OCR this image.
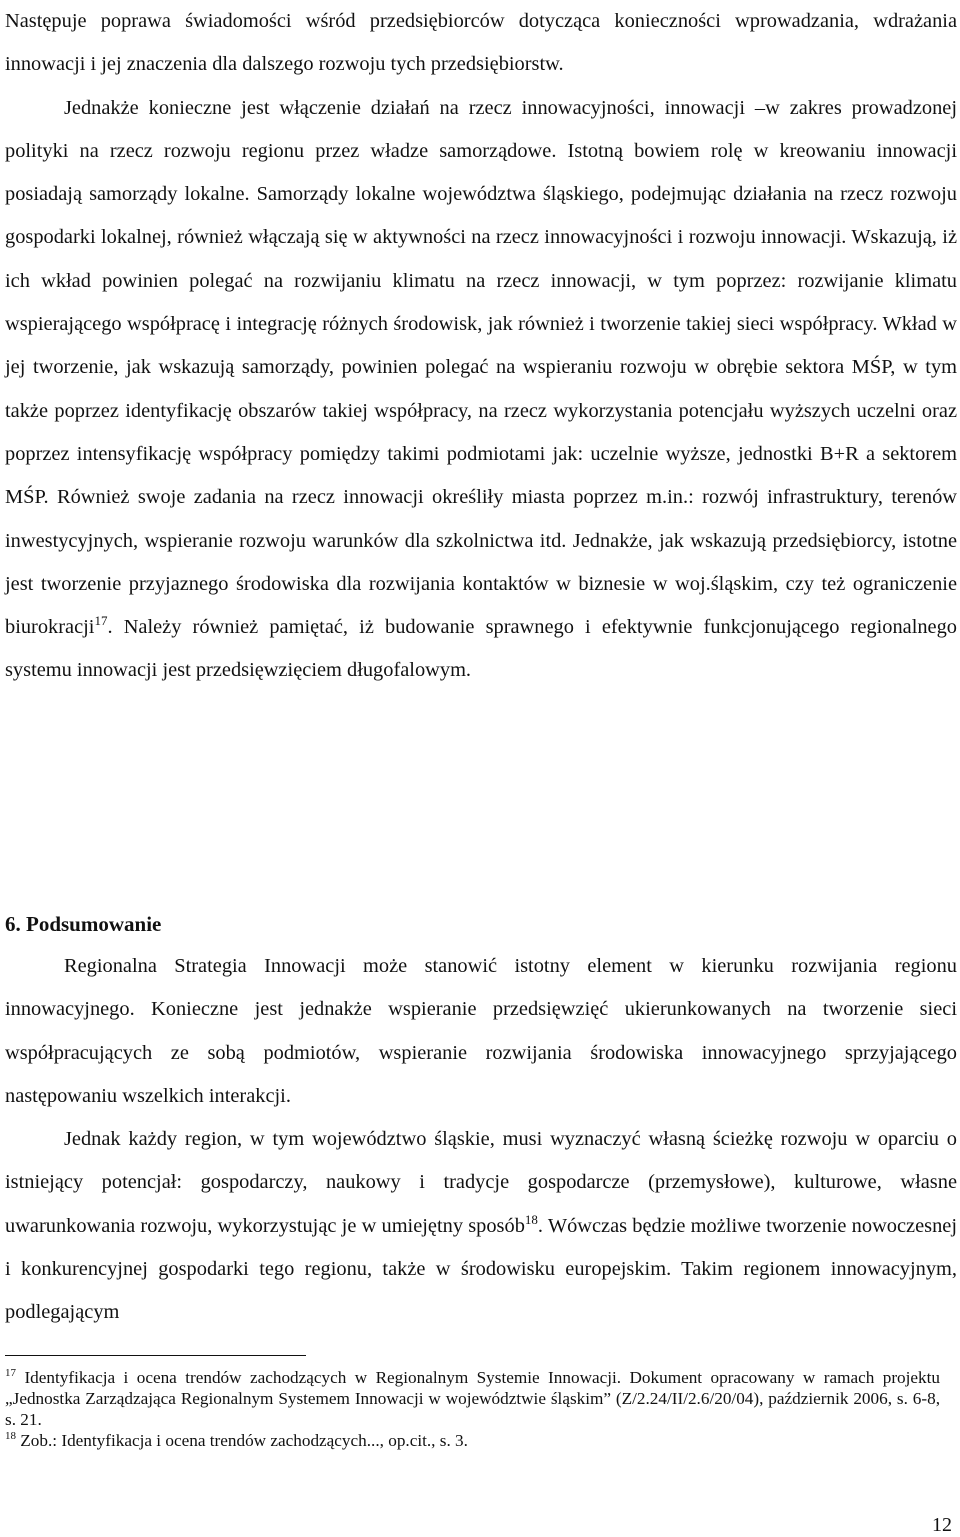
Następuje poprawa świadomości wśród przedsiębiorców dotycząca konieczności wprowadzania, wdrażania innowacji i jej znaczenia dla dalszego rozwoju tych przedsiębiorstw.

Jednakże konieczne jest włączenie działań na rzecz innowacyjności, innowacji –w zakres prowadzonej polityki na rzecz rozwoju regionu przez władze samorządowe. Istotną bowiem rolę w kreowaniu innowacji posiadają samorządy lokalne. Samorządy lokalne województwa śląskiego, podejmując działania na rzecz rozwoju gospodarki lokalnej, również włączają się w aktywności na rzecz innowacyjności i rozwoju innowacji. Wskazują, iż ich wkład powinien polegać na rozwijaniu klimatu na rzecz innowacji, w tym poprzez: rozwijanie klimatu wspierającego współpracę i integrację różnych środowisk, jak również i tworzenie takiej sieci współpracy. Wkład w jej tworzenie, jak wskazują samorządy, powinien polegać na wspieraniu rozwoju w obrębie sektora MŚP, w tym także poprzez identyfikację obszarów takiej współpracy, na rzecz wykorzystania potencjału wyższych uczelni oraz poprzez intensyfikację współpracy pomiędzy takimi podmiotami jak: uczelnie wyższe, jednostki B+R a sektorem MŚP. Również swoje zadania na rzecz innowacji określiły miasta poprzez m.in.: rozwój infrastruktury, terenów inwestycyjnych, wspieranie rozwoju warunków dla szkolnictwa itd. Jednakże, jak wskazują przedsiębiorcy, istotne jest tworzenie przyjaznego środowiska dla rozwijania kontaktów w biznesie w woj.śląskim, czy też ograniczenie biurokracji$^{17}$. Należy również pamiętać, iż budowanie sprawnego i efektywnie funkcjonującego regionalnego systemu innowacji jest przedsięwzięciem długofalowym.

6. Podsumowanie

Regionalna Strategia Innowacji może stanowić istotny element w kierunku rozwijania regionu innowacyjnego. Konieczne jest jednakże wspieranie przedsięwzięć ukierunkowanych na tworzenie sieci współpracujących ze sobą podmiotów, wspieranie rozwijania środowiska innowacyjnego sprzyjającego następowaniu wszelkich interakcji.

Jednak każdy region, w tym województwo śląskie, musi wyznaczyć własną ścieżkę rozwoju w oparciu o istniejący potencjał: gospodarczy, naukowy i tradycje gospodarcze (przemysłowe), kulturowe, własne uwarunkowania rozwoju, wykorzystując je w umiejętny sposób$^{18}$. Wówczas będzie możliwe tworzenie nowoczesnej i konkurencyjnej gospodarki tego regionu, także w środowisku europejskim. Takim regionem innowacyjnym, podlegającym

$^{17}$ Identyfikacja i ocena trendów zachodzących w Regionalnym Systemie Innowacji. Dokument opracowany w ramach projektu „Jednostka Zarządzająca Regionalnym Systemem Innowacji w województwie śląskim” (Z/2.24/II/2.6/20/04), październik 2006, s. 6-8, s. 21.

$^{18}$ Zob.: Identyfikacja i ocena trendów zachodzących..., op.cit., s. 3.

12
